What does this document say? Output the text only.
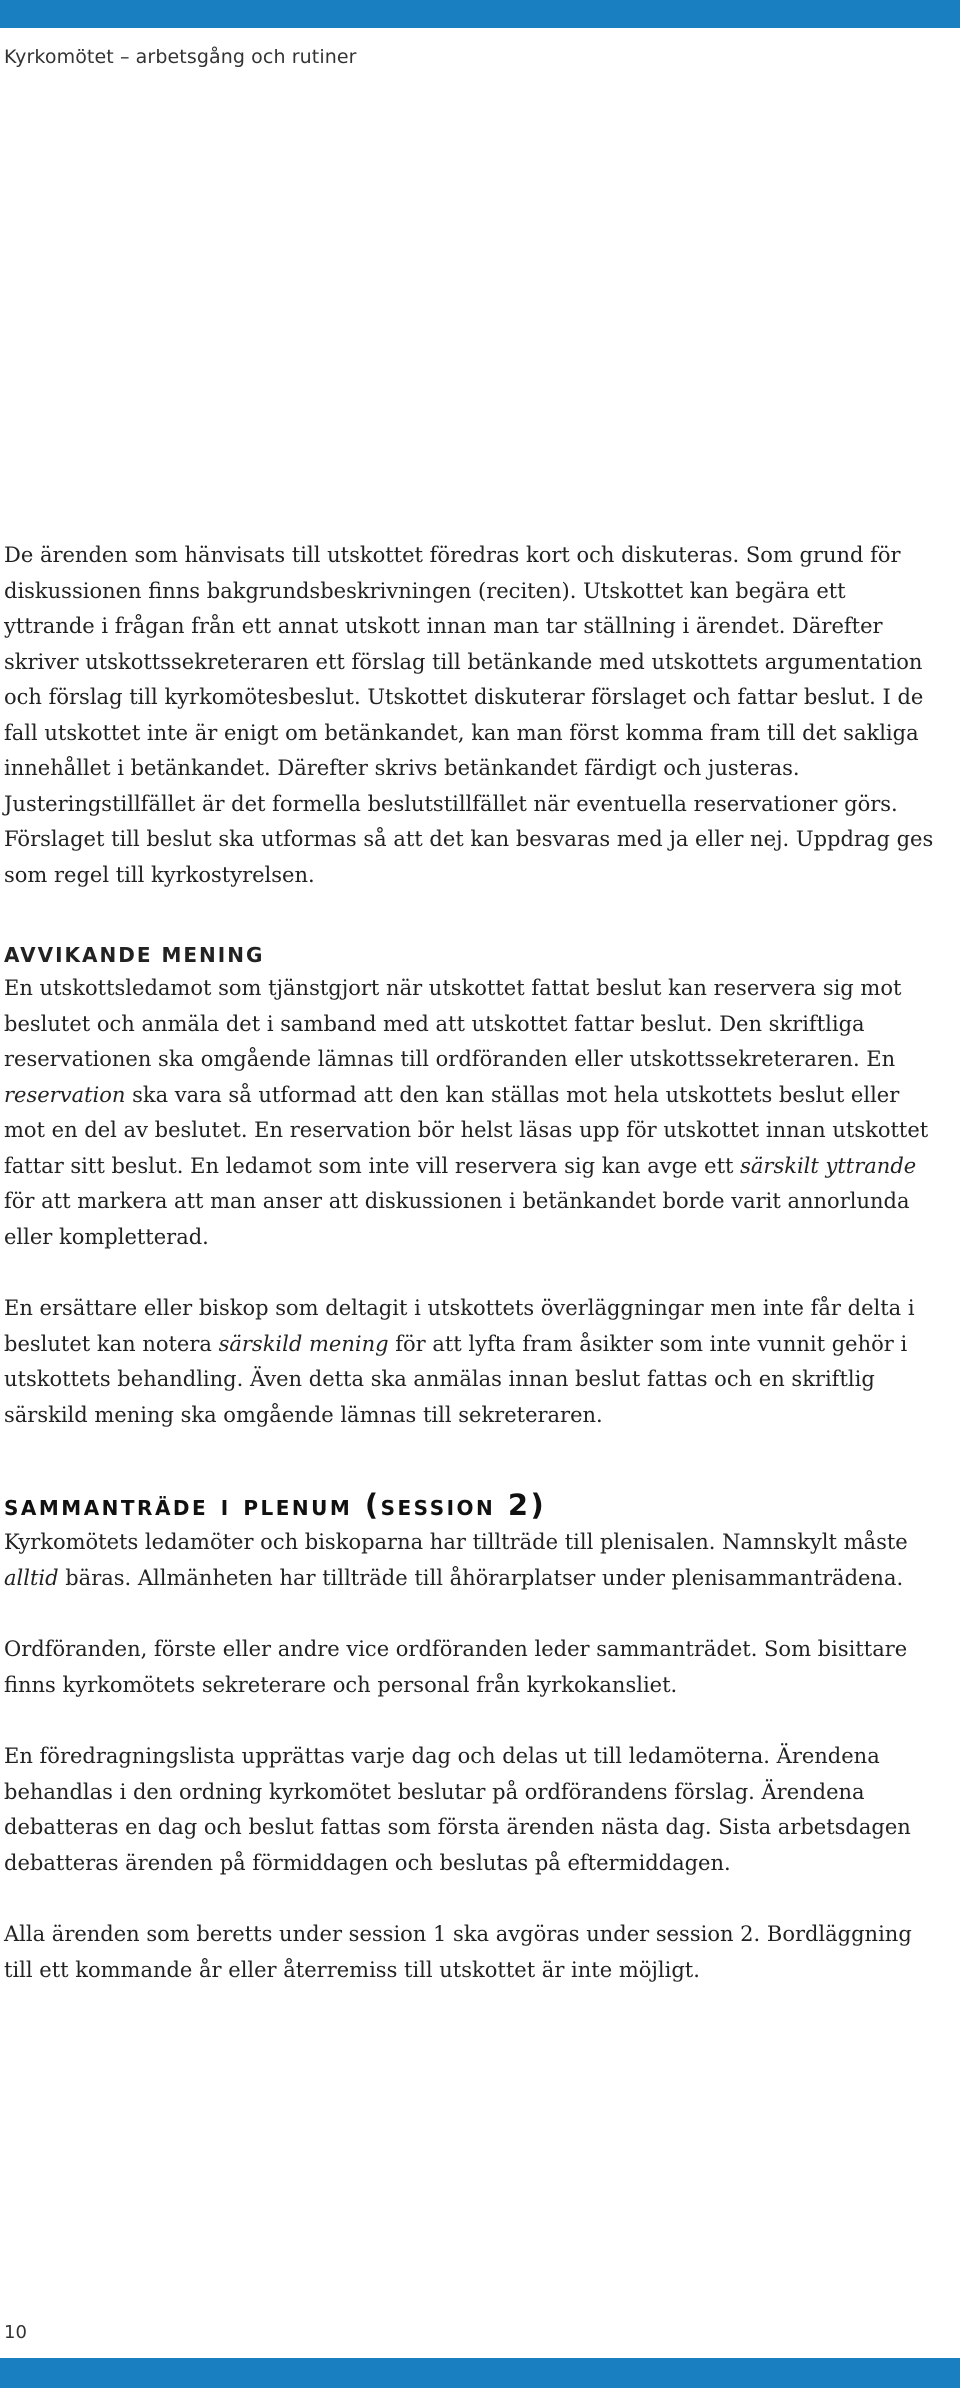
Kyrkomötet – arbetsgång och rutiner

De ärenden som hänvisats till utskottet föredras kort och diskuteras. Som grund för diskussionen finns bakgrundsbeskrivningen (reciten). Utskottet kan begära ett yttrande i frågan från ett annat utskott innan man tar ställning i ärendet. Därefter skriver utskottssekreteraren ett förslag till betänkande med utskottets argumentation och förslag till kyrkomötesbeslut. Utskottet diskuterar förslaget och fattar beslut. I de fall utskottet inte är enigt om betänkandet, kan man först komma fram till det sakliga innehållet i betänkandet. Därefter skrivs betänkandet färdigt och justeras. Justeringstillfället är det formella beslutstillfället när eventuella reservationer görs. Förslaget till beslut ska utformas så att det kan besvaras med ja eller nej. Uppdrag ges som regel till kyrkostyrelsen.

AVVIKANDE MENING

En utskottsledamot som tjänstgjort när utskottet fattat beslut kan reservera sig mot beslutet och anmäla det i samband med att utskottet fattar beslut. Den skriftliga reservationen ska omgående lämnas till ordföranden eller utskottssekreteraren. En reservation ska vara så utformad att den kan ställas mot hela utskottets beslut eller mot en del av beslutet. En reservation bör helst läsas upp för utskottet innan utskottet fattar sitt beslut. En ledamot som inte vill reservera sig kan avge ett särskilt yttrande för att markera att man anser att diskussionen i betänkandet borde varit annorlunda eller kompletterad.

En ersättare eller biskop som deltagit i utskottets överläggningar men inte får delta i beslutet kan notera särskild mening för att lyfta fram åsikter som inte vunnit gehör i utskottets behandling. Även detta ska anmälas innan beslut fattas och en skriftlig särskild mening ska omgående lämnas till sekreteraren.

sammanträde i plenum (session 2)

Kyrkomötets ledamöter och biskoparna har tillträde till plenisalen. Namnskylt måste alltid bäras. Allmänheten har tillträde till åhörarplatser under plenisammanträdena.

Ordföranden, förste eller andre vice ordföranden leder sammanträdet. Som bisittare finns kyrkomötets sekreterare och personal från kyrkokansliet.

En föredragningslista upprättas varje dag och delas ut till ledamöterna. Ärendena behandlas i den ordning kyrkomötet beslutar på ordförandens förslag. Ärendena debatteras en dag och beslut fattas som första ärenden nästa dag. Sista arbetsdagen debatteras ärenden på förmiddagen och beslutas på eftermiddagen.

Alla ärenden som beretts under session 1 ska avgöras under session 2. Bordläggning till ett kommande år eller återremiss till utskottet är inte möjligt.

10
